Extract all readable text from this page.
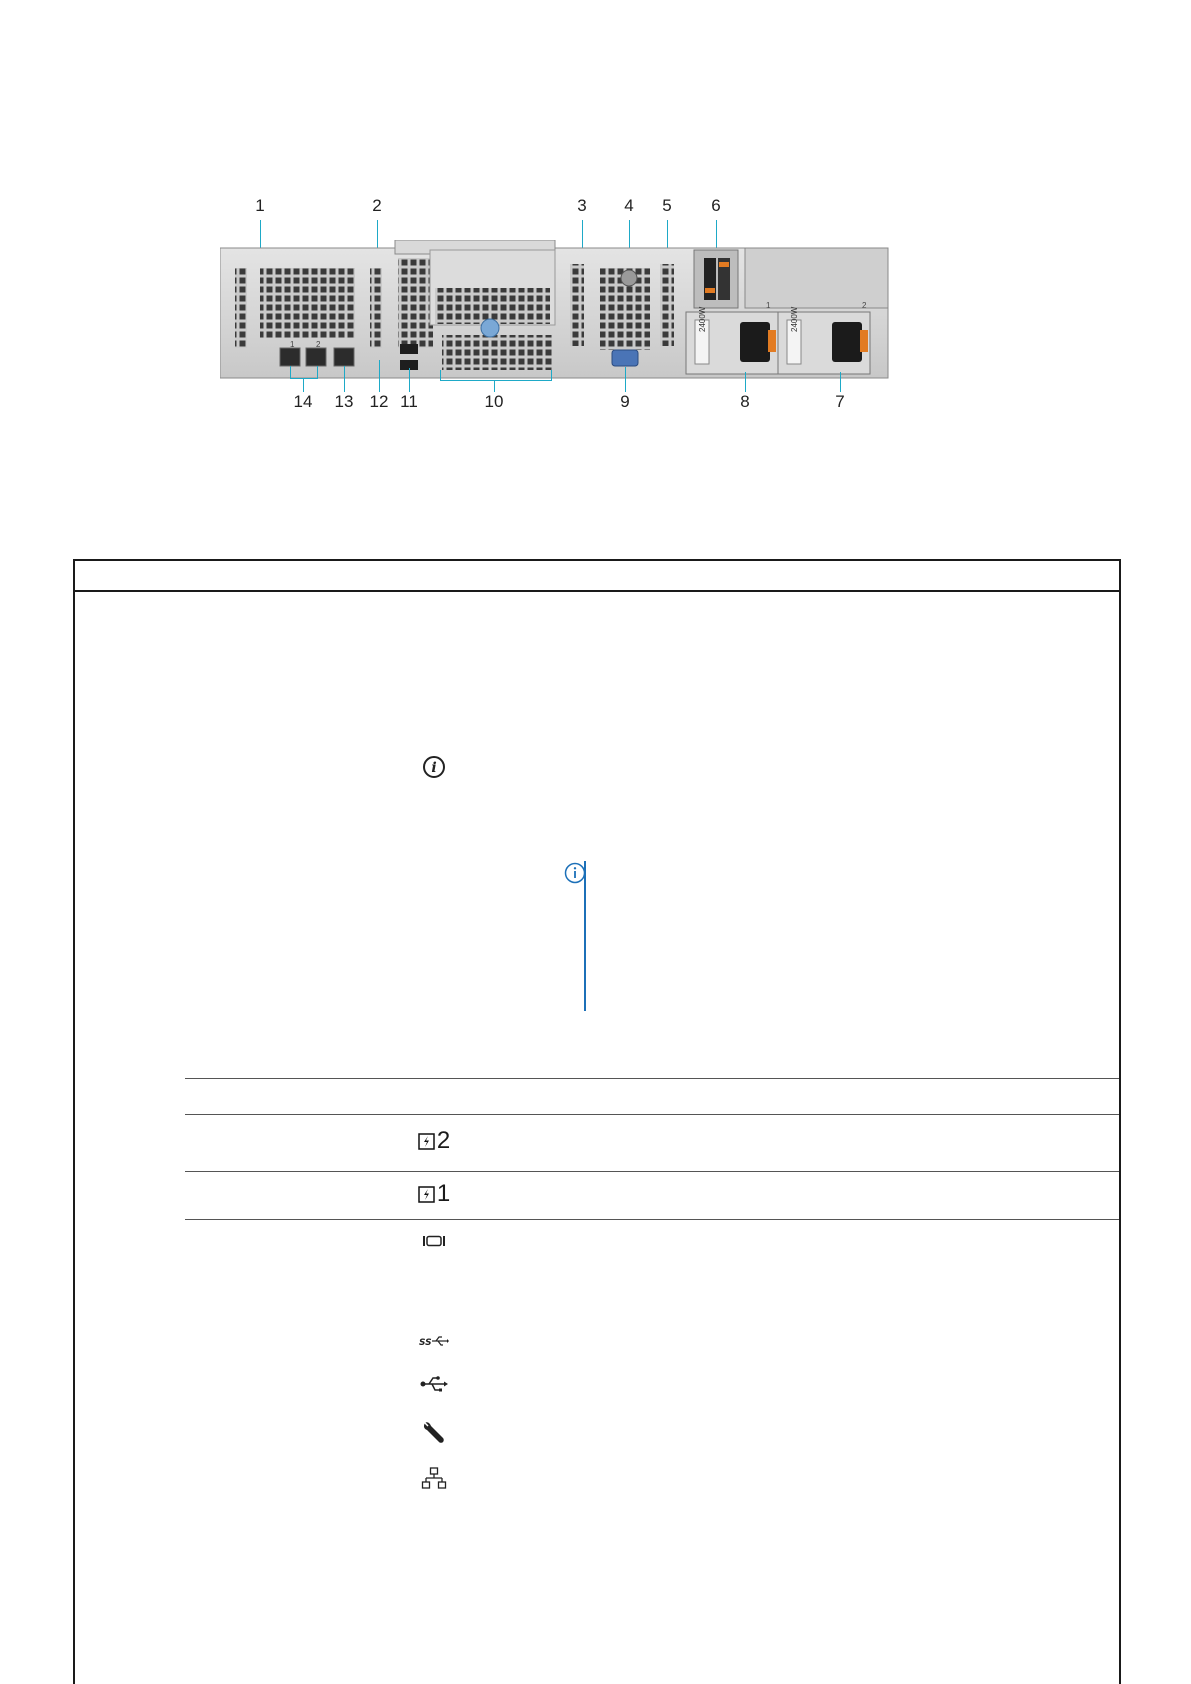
1	2	3 4 5 6
2400W	2400W
1	2
1	2
14 13 12 11	10	9	8	7
i
2
1
SS
